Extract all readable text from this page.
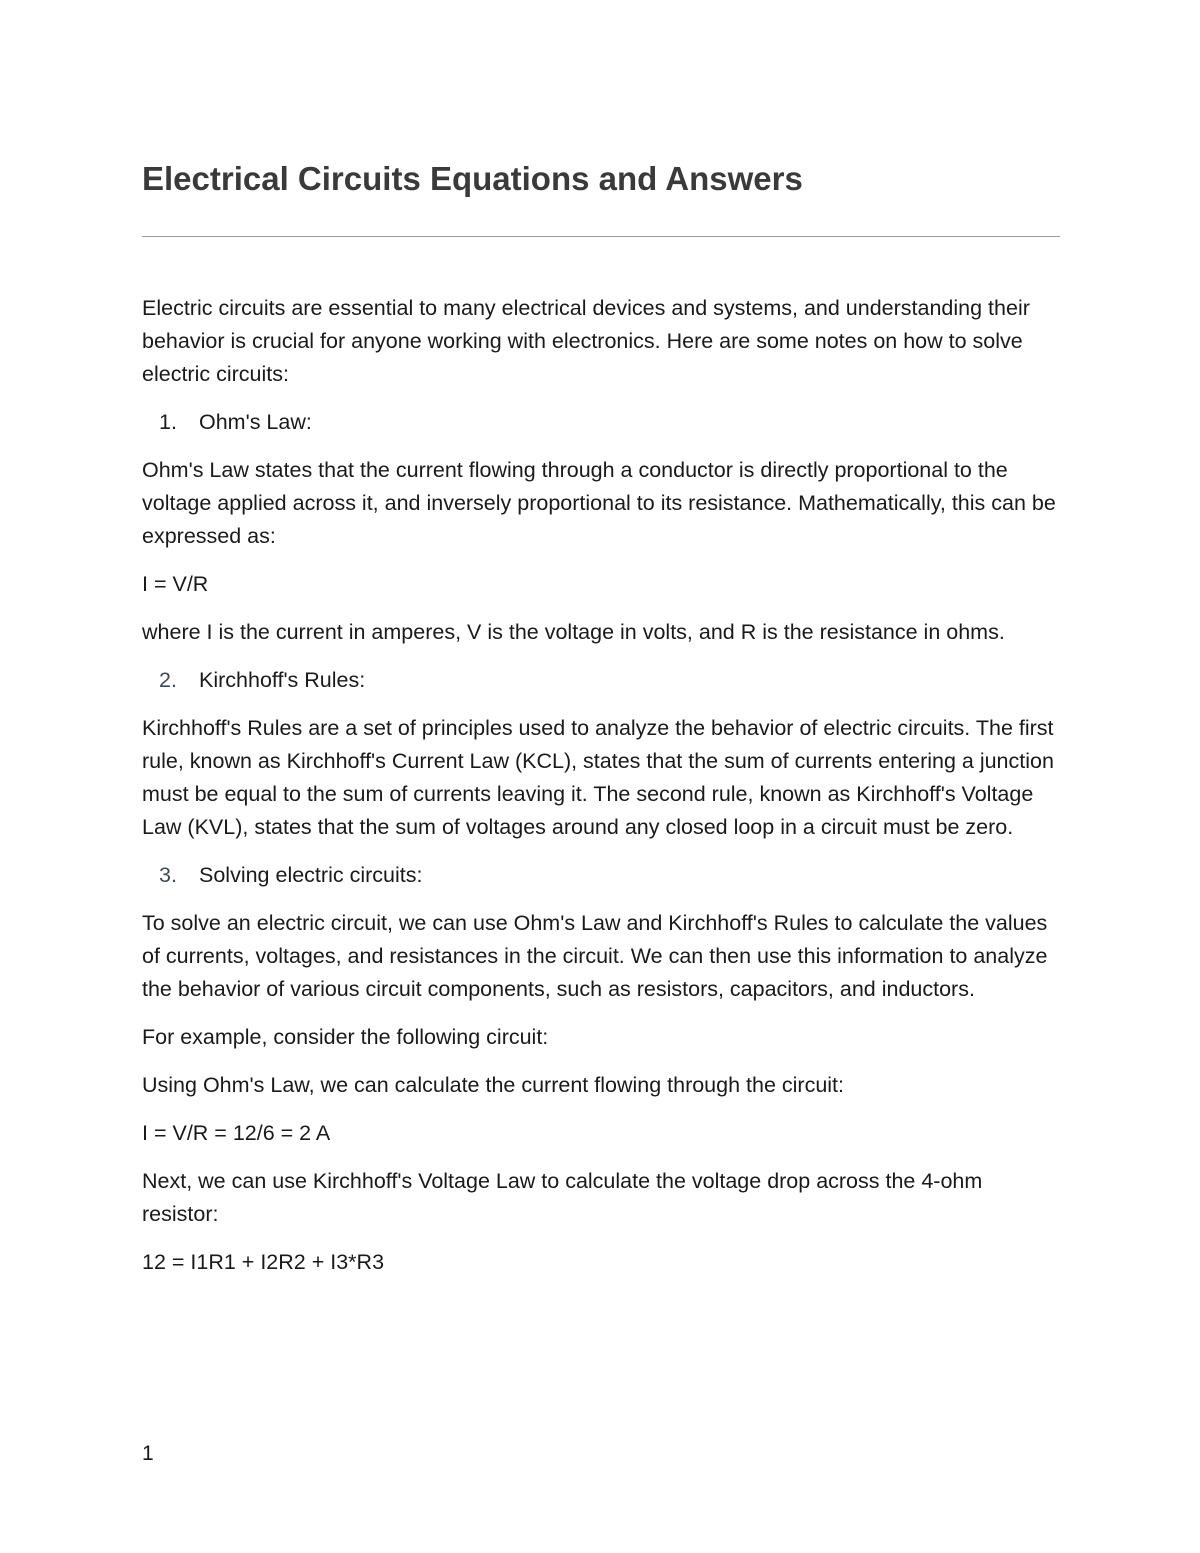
Electrical Circuits Equations and Answers

Electric circuits are essential to many electrical devices and systems, and understanding their behavior is crucial for anyone working with electronics. Here are some notes on how to solve electric circuits:

1.	Ohm's Law:

Ohm's Law states that the current flowing through a conductor is directly proportional to the voltage applied across it, and inversely proportional to its resistance. Mathematically, this can be expressed as:

I = V/R

where I is the current in amperes, V is the voltage in volts, and R is the resistance in ohms.

2.	Kirchhoff's Rules:

Kirchhoff's Rules are a set of principles used to analyze the behavior of electric circuits. The first rule, known as Kirchhoff's Current Law (KCL), states that the sum of currents entering a junction must be equal to the sum of currents leaving it. The second rule, known as Kirchhoff's Voltage Law (KVL), states that the sum of voltages around any closed loop in a circuit must be zero.

3.	Solving electric circuits:

To solve an electric circuit, we can use Ohm's Law and Kirchhoff's Rules to calculate the values of currents, voltages, and resistances in the circuit. We can then use this information to analyze the behavior of various circuit components, such as resistors, capacitors, and inductors.

For example, consider the following circuit:

Using Ohm's Law, we can calculate the current flowing through the circuit:

I = V/R = 12/6 = 2 A

Next, we can use Kirchhoff's Voltage Law to calculate the voltage drop across the 4-ohm resistor:

12 = I1R1 + I2R2 + I3*R3

1
